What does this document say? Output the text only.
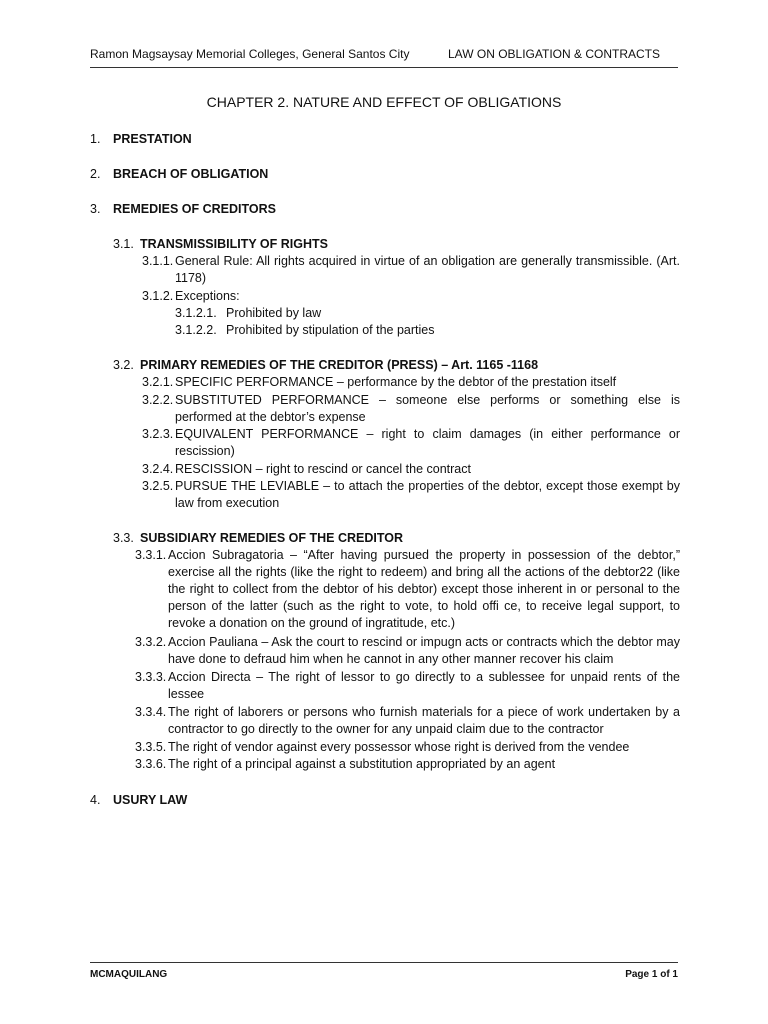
Ramon Magsaysay Memorial Colleges, General Santos City	LAW ON OBLIGATION & CONTRACTS
CHAPTER 2. NATURE AND EFFECT OF OBLIGATIONS
1. PRESTATION
2. BREACH OF OBLIGATION
3. REMEDIES OF CREDITORS
3.1. TRANSMISSIBILITY OF RIGHTS
3.1.1. General Rule: All rights acquired in virtue of an obligation are generally transmissible. (Art. 1178)
3.1.2. Exceptions:
3.1.2.1. Prohibited by law
3.1.2.2. Prohibited by stipulation of the parties
3.2. PRIMARY REMEDIES OF THE CREDITOR (PRESS) – Art. 1165 -1168
3.2.1. SPECIFIC PERFORMANCE – performance by the debtor of the prestation itself
3.2.2. SUBSTITUTED PERFORMANCE – someone else performs or something else is performed at the debtor’s expense
3.2.3. EQUIVALENT PERFORMANCE – right to claim damages (in either performance or rescission)
3.2.4. RESCISSION – right to rescind or cancel the contract
3.2.5. PURSUE THE LEVIABLE – to attach the properties of the debtor, except those exempt by law from execution
3.3. SUBSIDIARY REMEDIES OF THE CREDITOR
3.3.1. Accion Subragatoria – “After having pursued the property in possession of the debtor,” exercise all the rights (like the right to redeem) and bring all the actions of the debtor22 (like the right to collect from the debtor of his debtor) except those inherent in or personal to the person of the latter (such as the right to vote, to hold offi ce, to receive legal support, to revoke a donation on the ground of ingratitude, etc.)
3.3.2. Accion Pauliana – Ask the court to rescind or impugn acts or contracts which the debtor may have done to defraud him when he cannot in any other manner recover his claim
3.3.3. Accion Directa – The right of lessor to go directly to a sublessee for unpaid rents of the lessee
3.3.4. The right of laborers or persons who furnish materials for a piece of work undertaken by a contractor to go directly to the owner for any unpaid claim due to the contractor
3.3.5. The right of vendor against every possessor whose right is derived from the vendee
3.3.6. The right of a principal against a substitution appropriated by an agent
4. USURY LAW
MCMAQUILANG	Page 1 of 1
